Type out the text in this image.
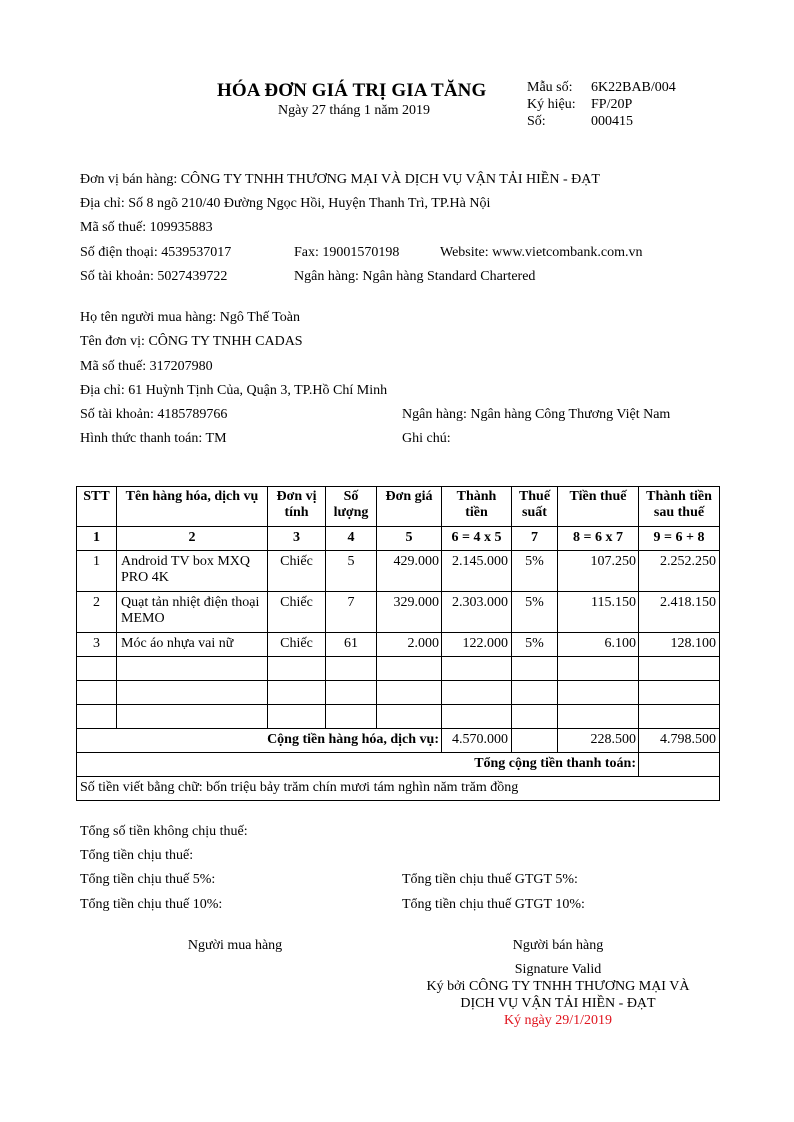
HÓA ĐƠN GIÁ TRỊ GIA TĂNG
Ngày 27 tháng 1 năm 2019
Mẫu số: 6K22BAB/004
Ký hiệu: FP/20P
Số:	000415
Đơn vị bán hàng: CÔNG TY TNHH THƯƠNG MẠI VÀ DỊCH VỤ VẬN TẢI HIỀN - ĐẠT
Địa chỉ: Số 8 ngõ 210/40 Đường Ngọc Hồi, Huyện Thanh Trì, TP.Hà Nội
Mã số thuế: 109935883
Số điện thoại: 4539537017	Fax: 19001570198	Website: www.vietcombank.com.vn
Số tài khoản: 5027439722	Ngân hàng: Ngân hàng Standard Chartered
Họ tên người mua hàng: Ngô Thế Toàn
Tên đơn vị: CÔNG TY TNHH CADAS
Mã số thuế: 317207980
Địa chỉ: 61 Huỳnh Tịnh Của, Quận 3, TP.Hồ Chí Minh
Số tài khoản: 4185789766	Ngân hàng: Ngân hàng Công Thương Việt Nam
Hình thức thanh toán: TM	Ghi chú:
STT	Tên hàng hóa, dịch vụ	Đơn vị tính	Số lượng	Đơn giá	Thành tiền	Thuế suất	Tiền thuế	Thành tiền sau thuế
1	2	3	4	5	6 = 4 x 5	7	8 = 6 x 7	9 = 6 + 8
1	Android TV box MXQ PRO 4K	Chiếc	5	429.000	2.145.000	5%	107.250	2.252.250
2	Quạt tản nhiệt điện thoại MEMO	Chiếc	7	329.000	2.303.000	5%	115.150	2.418.150
3	Móc áo nhựa vai nữ	Chiếc	61	2.000	122.000	5%	6.100	128.100

Cộng tiền hàng hóa, dịch vụ:					4.570.000		228.500	4.798.500
Tổng cộng tiền thanh toán:								
Số tiền viết bằng chữ: bốn triệu bảy trăm chín mươi tám nghìn năm trăm đồng								
Tổng số tiền không chịu thuế:
Tổng tiền chịu thuế:
Tổng tiền chịu thuế 5%:	Tổng tiền chịu thuế GTGT 5%:
Tổng tiền chịu thuế 10%:	Tổng tiền chịu thuế GTGT 10%:
Người mua hàng	Người bán hàng
Signature Valid
Ký bởi CÔNG TY TNHH THƯƠNG MẠI VÀ
DỊCH VỤ VẬN TẢI HIỀN - ĐẠT
Ký ngày 29/1/2019
